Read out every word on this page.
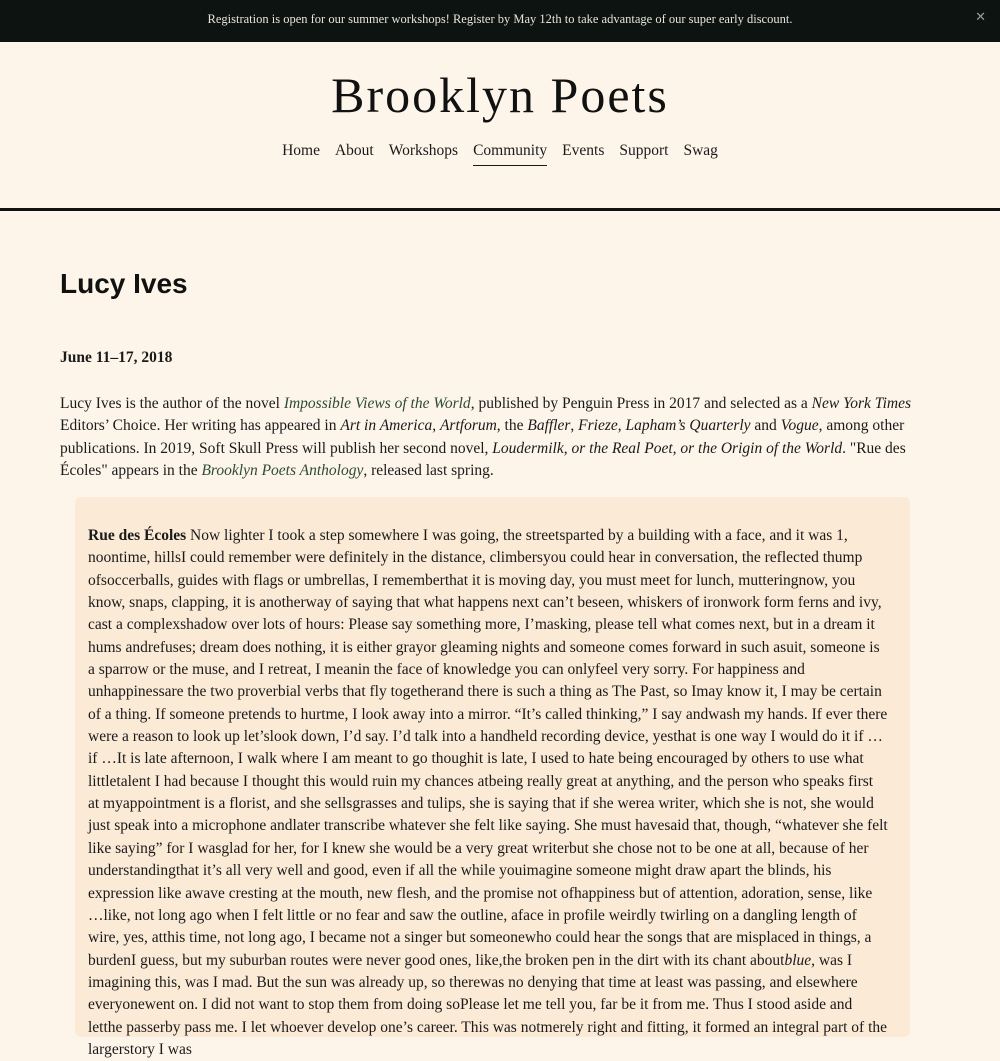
Registration is open for our summer workshops! Register by May 12th to take advantage of our super early discount.	✕
Brooklyn Poets
Home About Workshops Community Events Support Swag
Lucy Ives
June 11–17, 2018

Lucy Ives is the author of the novel Impossible Views of the World, published by Penguin Press in 2017 and selected as a New York Times Editors’ Choice. Her writing has appeared in Art in America, Artforum, the Baffler, Frieze, Lapham’s Quarterly and Vogue, among other publications. In 2019, Soft Skull Press will publish her second novel, Loudermilk, or the Real Poet, or the Origin of the World. "Rue des Écoles" appears in the Brooklyn Poets Anthology, released last spring.

Rue des Écoles Now lighter I took a step somewhere I was going, the streetsparted by a building with a face, and it was 1, noontime, hillsI could remember were definitely in the distance, climbersyou could hear in conversation, the reflected thump ofsoccerballs, guides with flags or umbrellas, I rememberthat it is moving day, you must meet for lunch, mutteringnow, you know, snaps, clapping, it is anotherway of saying that what happens next can’t beseen, whiskers of ironwork form ferns and ivy, cast a complexshadow over lots of hours: Please say something more, I’masking, please tell what comes next, but in a dream it hums andrefuses; dream does nothing, it is either grayor gleaming nights and someone comes forward in such asuit, someone is a sparrow or the muse, and I retreat, I meanin the face of knowledge you can onlyfeel very sorry. For happiness and unhappinessare the two proverbial verbs that fly togetherand there is such a thing as The Past, so Imay know it, I may be certain of a thing. If someone pretends to hurtme, I look away into a mirror. “It’s called thinking,” I say andwash my hands. If ever there were a reason to look up let’slook down, I’d say. I’d talk into a handheld recording device, yesthat is one way I would do it if … if …It is late afternoon, I walk where I am meant to go thoughit is late, I used to hate being encouraged by others to use what littletalent I had because I thought this would ruin my chances atbeing really great at anything, and the person who speaks first at myappointment is a florist, and she sellsgrasses and tulips, she is saying that if she werea writer, which she is not, she would just speak into a microphone andlater transcribe whatever she felt like saying. She must havesaid that, though, “whatever she felt like saying” for I wasglad for her, for I knew she would be a very great writerbut she chose not to be one at all, because of her understandingthat it’s all very well and good, even if all the while youimagine someone might draw apart the blinds, his expression like awave cresting at the mouth, new flesh, and the promise not ofhappiness but of attention, adoration, sense, like …like, not long ago when I felt little or no fear and saw the outline, aface in profile weirdly twirling on a dangling length of wire, yes, atthis time, not long ago, I became not a singer but someonewho could hear the songs that are misplaced in things, a burdenI guess, but my suburban routes were never good ones, like,the broken pen in the dirt with its chant aboutblue, was I imagining this, was I mad. But the sun was already up, so therewas no denying that time at least was passing, and elsewhere everyonewent on. I did not want to stop them from doing soPlease let me tell you, far be it from me. Thus I stood aside and letthe passerby pass me. I let whoever develop one’s career. This was notmerely right and fitting, it formed an integral part of the largerstory I was
